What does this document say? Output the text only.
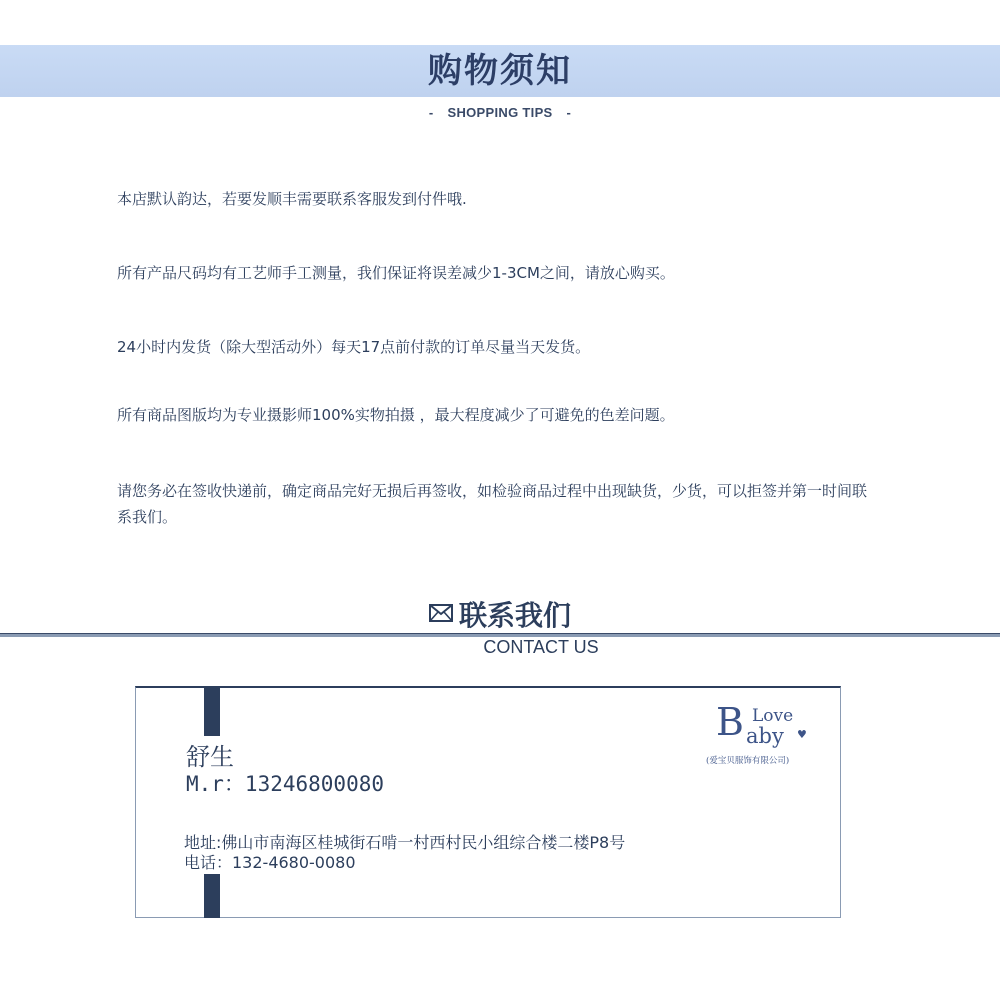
购物须知
- SHOPPING TIPS -
本店默认韵达，若要发顺丰需要联系客服发到付件哦.
所有产品尺码均有工艺师手工测量，我们保证将误差减少1-3CM之间，请放心购买。
24小时内发货（除大型活动外）每天17点前付款的订单尽量当天发货。
所有商品图版均为专业摄影师100%实物拍摄 ，最大程度减少了可避免的色差问题。
请您务必在签收快递前，确定商品完好无损后再签收，如检验商品过程中出现缺货，少货，可以拒签并第一时间联系我们。
联系我们
CONTACT US
舒生
M.r：13246800080
地址:佛山市南海区桂城街石啃一村西村民小组综合楼二楼P8号
电话：132-4680-0080
B Love
aby ♥
(爱宝贝服饰有限公司)
